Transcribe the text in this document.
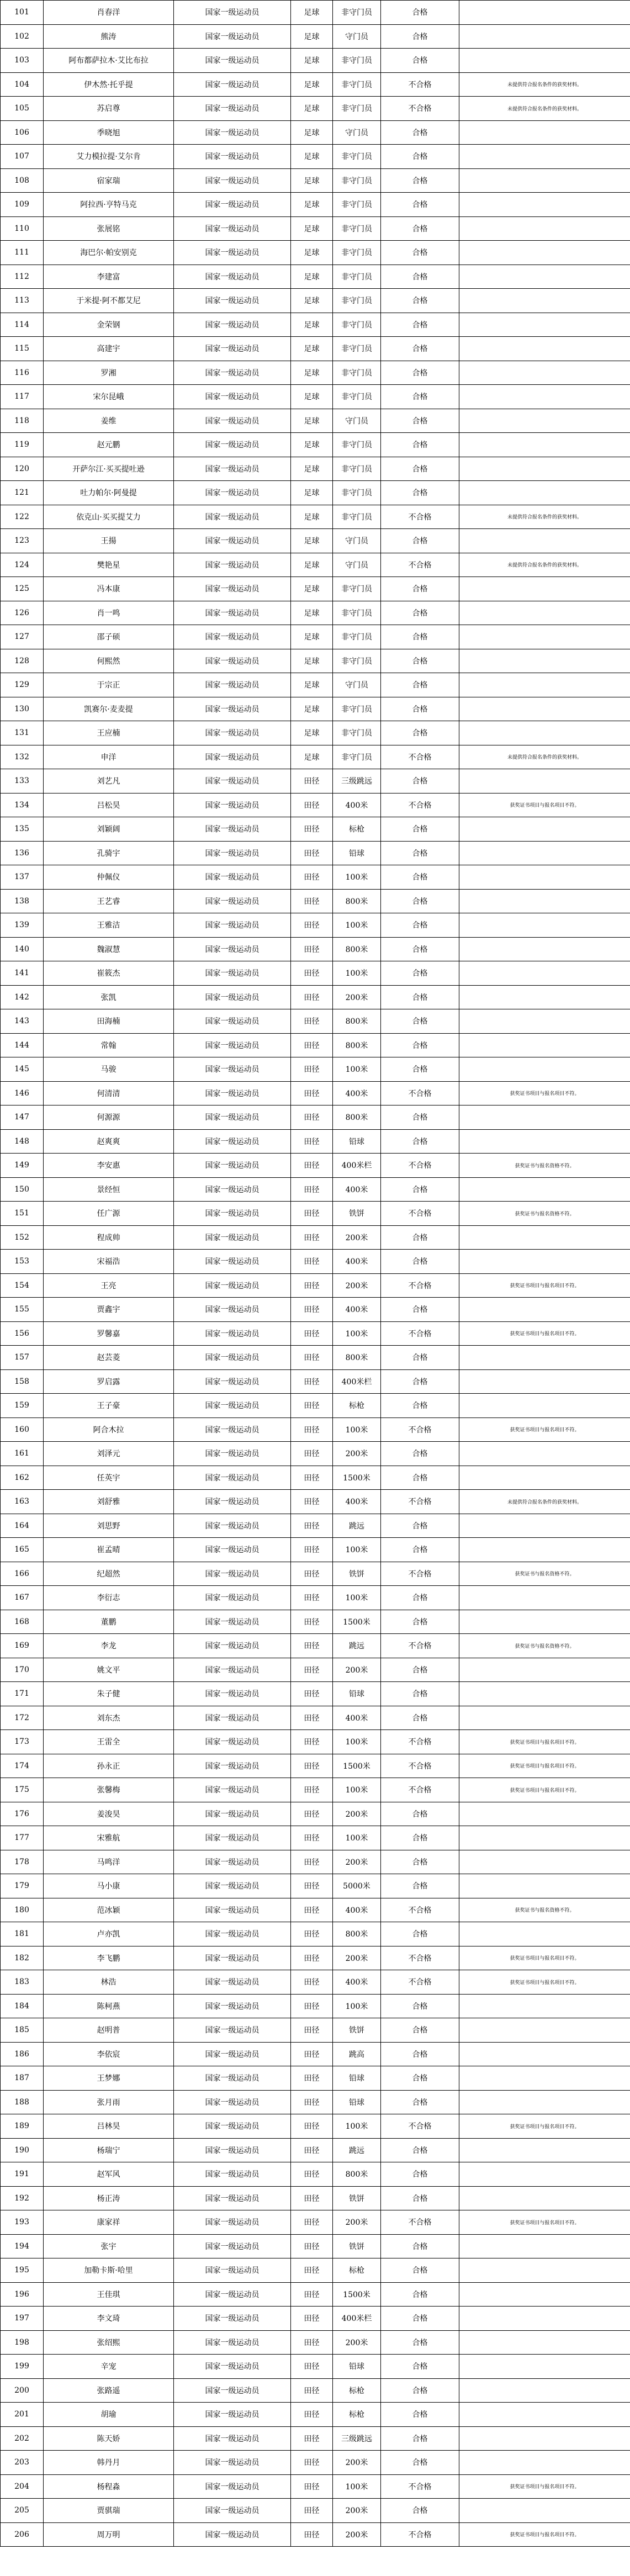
101	肖春洋	国家一级运动员	足球	非守门员	合格	
102	熊涛	国家一级运动员	足球	守门员	合格	
103	阿布都萨拉木·艾比布拉	国家一级运动员	足球	非守门员	合格	
104	伊木然·托乎提	国家一级运动员	足球	非守门员	不合格	未提供符合报名条件的获奖材料。
105	苏启尊	国家一级运动员	足球	非守门员	不合格	未提供符合报名条件的获奖材料。
106	季晓旭	国家一级运动员	足球	守门员	合格	
107	艾力模拉提·艾尔肯	国家一级运动员	足球	非守门员	合格	
108	宿家瑞	国家一级运动员	足球	非守门员	合格	
109	阿拉西·亨特马克	国家一级运动员	足球	非守门员	合格	
110	张展铭	国家一级运动员	足球	非守门员	合格	
111	海巴尔·帕安别克	国家一级运动员	足球	非守门员	合格	
112	李建富	国家一级运动员	足球	非守门员	合格	
113	于米提·阿不都艾尼	国家一级运动员	足球	非守门员	合格	
114	金荣钢	国家一级运动员	足球	非守门员	合格	
115	高建宇	国家一级运动员	足球	非守门员	合格	
116	罗湘	国家一级运动员	足球	非守门员	合格	
117	宋尔昆峨	国家一级运动员	足球	非守门员	合格	
118	姜维	国家一级运动员	足球	守门员	合格	
119	赵元鹏	国家一级运动员	足球	非守门员	合格	
120	开萨尔江·买买提吐逊	国家一级运动员	足球	非守门员	合格	
121	吐力帕尔·阿曼提	国家一级运动员	足球	非守门员	合格	
122	依克山·买买提艾力	国家一级运动员	足球	非守门员	不合格	未提供符合报名条件的获奖材料。
123	王揚	国家一级运动员	足球	守门员	合格	
124	樊艳星	国家一级运动员	足球	守门员	不合格	未提供符合报名条件的获奖材料。
125	冯本康	国家一级运动员	足球	非守门员	合格	
126	肖一鸣	国家一级运动员	足球	非守门员	合格	
127	邵子硕	国家一级运动员	足球	非守门员	合格	
128	何熙然	国家一级运动员	足球	非守门员	合格	
129	于宗正	国家一级运动员	足球	守门员	合格	
130	凯赛尔·麦麦提	国家一级运动员	足球	非守门员	合格	
131	王应楠	国家一级运动员	足球	非守门员	合格	
132	申洋	国家一级运动员	足球	非守门员	不合格	未提供符合报名条件的获奖材料。
133	刘艺凡	国家一级运动员	田径	三级跳远	合格	
134	吕松昊	国家一级运动员	田径	400米	不合格	获奖证书项目与报名项目不符。
135	刘颖阔	国家一级运动员	田径	标枪	合格	
136	孔骑宇	国家一级运动员	田径	铅球	合格	
137	仲佩仪	国家一级运动员	田径	100米	合格	
138	王艺睿	国家一级运动员	田径	800米	合格	
139	王雅洁	国家一级运动员	田径	100米	合格	
140	魏淑慧	国家一级运动员	田径	800米	合格	
141	崔筱杰	国家一级运动员	田径	100米	合格	
142	张凯	国家一级运动员	田径	200米	合格	
143	田海楠	国家一级运动员	田径	800米	合格	
144	常翰	国家一级运动员	田径	800米	合格	
145	马骏	国家一级运动员	田径	100米	合格	
146	何清清	国家一级运动员	田径	400米	不合格	获奖证书项目与报名项目不符。
147	何源源	国家一级运动员	田径	800米	合格	
148	赵爽爽	国家一级运动员	田径	铅球	合格	
149	李安惠	国家一级运动员	田径	400米栏	不合格	获奖证书与报名资格不符。
150	景经恒	国家一级运动员	田径	400米	合格	
151	任广源	国家一级运动员	田径	铁饼	不合格	获奖证书与报名资格不符。
152	程成帅	国家一级运动员	田径	200米	合格	
153	宋福浩	国家一级运动员	田径	400米	合格	
154	王亮	国家一级运动员	田径	200米	不合格	获奖证书项目与报名项目不符。
155	贾鑫宇	国家一级运动员	田径	400米	合格	
156	罗馨嘉	国家一级运动员	田径	100米	不合格	获奖证书项目与报名项目不符。
157	赵芸菱	国家一级运动员	田径	800米	合格	
158	罗启露	国家一级运动员	田径	400米栏	合格	
159	王子豪	国家一级运动员	田径	标枪	合格	
160	阿合木拉	国家一级运动员	田径	100米	不合格	获奖证书项目与报名项目不符。
161	刘泽元	国家一级运动员	田径	200米	合格	
162	任英宇	国家一级运动员	田径	1500米	合格	
163	刘舒雅	国家一级运动员	田径	400米	不合格	未提供符合报名条件的获奖材料。
164	刘思野	国家一级运动员	田径	跳远	合格	
165	崔孟晴	国家一级运动员	田径	100米	合格	
166	纪超然	国家一级运动员	田径	铁饼	不合格	获奖证书与报名资格不符。
167	李衍志	国家一级运动员	田径	100米	合格	
168	董鹏	国家一级运动员	田径	1500米	合格	
169	李龙	国家一级运动员	田径	跳远	不合格	获奖证书与报名资格不符。
170	姚文平	国家一级运动员	田径	200米	合格	
171	朱子健	国家一级运动员	田径	铅球	合格	
172	刘东杰	国家一级运动员	田径	400米	合格	
173	王雷全	国家一级运动员	田径	100米	不合格	获奖证书项目与报名项目不符。
174	孙永正	国家一级运动员	田径	1500米	不合格	获奖证书项目与报名项目不符。
175	张馨梅	国家一级运动员	田径	100米	不合格	获奖证书项目与报名项目不符。
176	姜浚昊	国家一级运动员	田径	200米	合格	
177	宋雅航	国家一级运动员	田径	100米	合格	
178	马鸣洋	国家一级运动员	田径	200米	合格	
179	马小康	国家一级运动员	田径	5000米	合格	
180	范冰颖	国家一级运动员	田径	400米	不合格	获奖证书与报名资格不符。
181	卢亦凯	国家一级运动员	田径	800米	合格	
182	李飞鹏	国家一级运动员	田径	200米	不合格	获奖证书项目与报名项目不符。
183	林浩	国家一级运动员	田径	400米	不合格	获奖证书项目与报名项目不符。
184	陈柯燕	国家一级运动员	田径	100米	合格	
185	赵明普	国家一级运动员	田径	铁饼	合格	
186	李依宸	国家一级运动员	田径	跳高	合格	
187	王梦娜	国家一级运动员	田径	铅球	合格	
188	张月雨	国家一级运动员	田径	铅球	合格	
189	吕林昊	国家一级运动员	田径	100米	不合格	获奖证书项目与报名项目不符。
190	杨瑞宁	国家一级运动员	田径	跳远	合格	
191	赵军风	国家一级运动员	田径	800米	合格	
192	杨正涛	国家一级运动员	田径	铁饼	合格	
193	康家祥	国家一级运动员	田径	200米	不合格	获奖证书项目与报名项目不符。
194	张宇	国家一级运动员	田径	铁饼	合格	
195	加勒卡斯·哈里	国家一级运动员	田径	标枪	合格	
196	王佳琪	国家一级运动员	田径	1500米	合格	
197	李文琦	国家一级运动员	田径	400米栏	合格	
198	张绍熙	国家一级运动员	田径	200米	合格	
199	辛宠	国家一级运动员	田径	铅球	合格	
200	张路遥	国家一级运动员	田径	标枪	合格	
201	胡瑜	国家一级运动员	田径	标枪	合格	
202	陈天娇	国家一级运动员	田径	三级跳远	合格	
203	韩丹月	国家一级运动员	田径	200米	合格	
204	杨程淼	国家一级运动员	田径	100米	不合格	获奖证书项目与报名项目不符。
205	贾骐瑞	国家一级运动员	田径	200米	合格	
206	周万明	国家一级运动员	田径	200米	不合格	获奖证书项目与报名项目不符。
